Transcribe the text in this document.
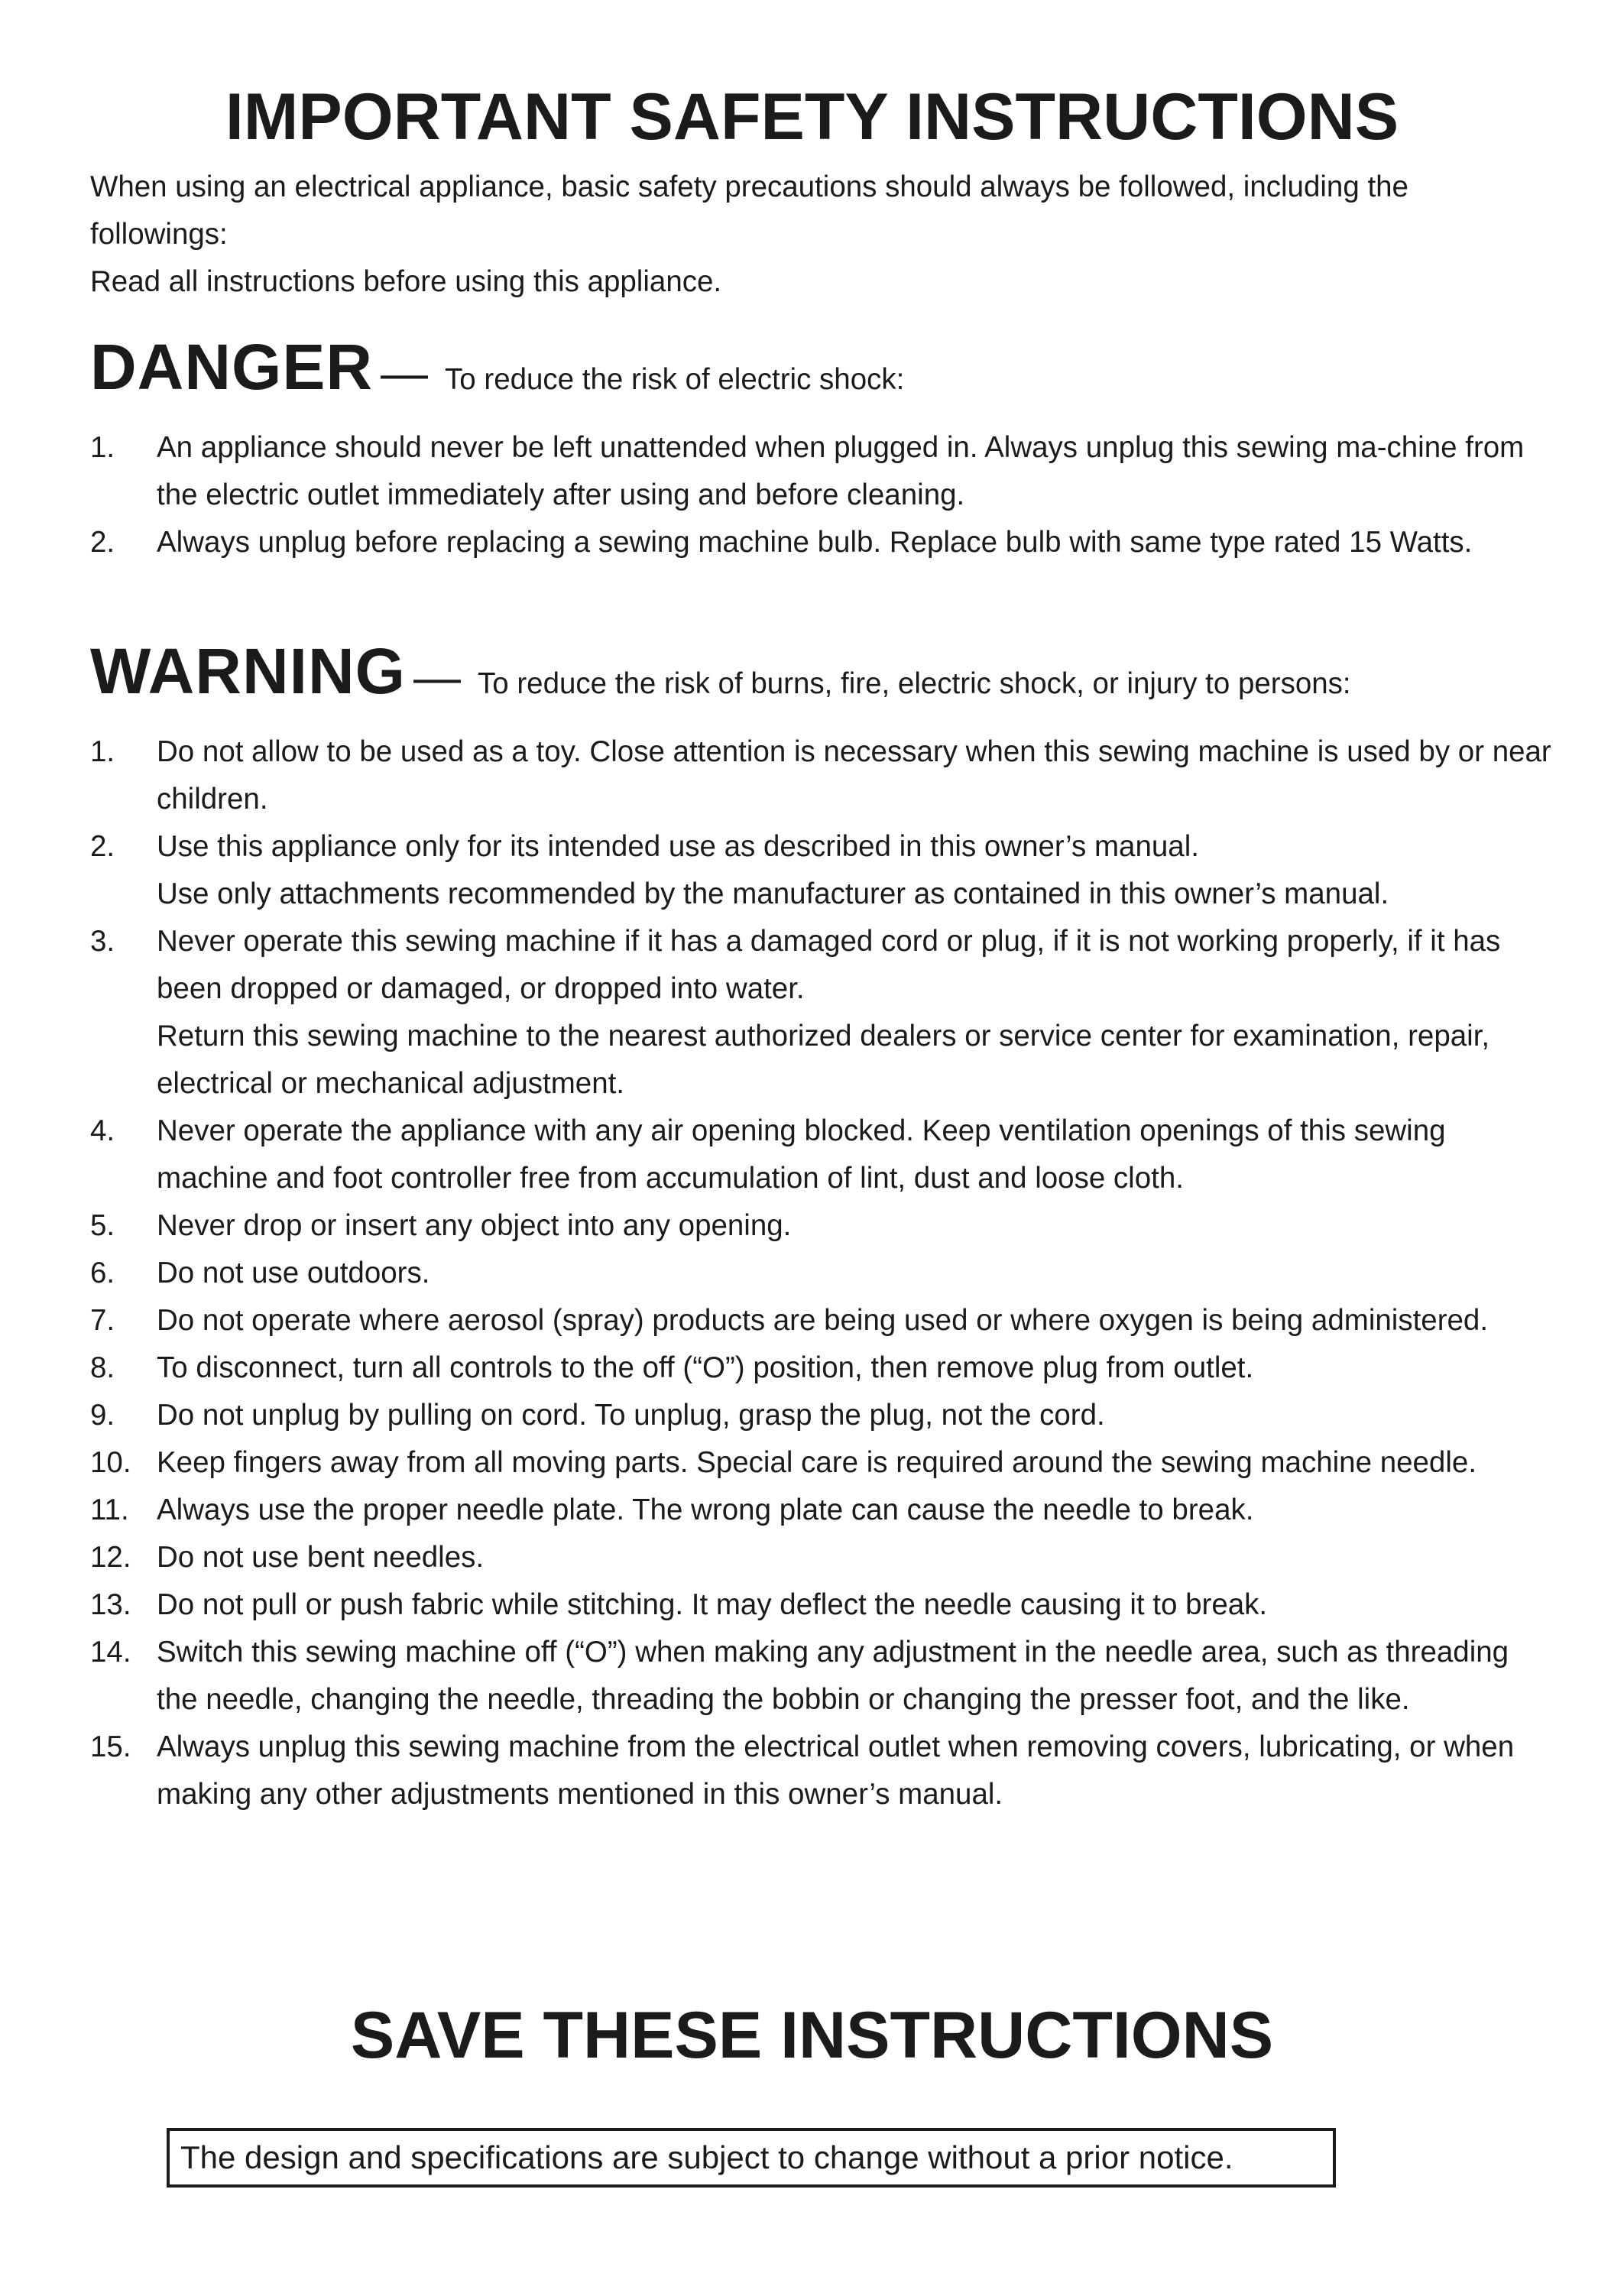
IMPORTANT SAFETY INSTRUCTIONS

When using an electrical appliance, basic safety precautions should always be followed, including the followings:

Read all instructions before using this appliance.

DANGER — To reduce the risk of electric shock:
1. An appliance should never be left unattended when plugged in. Always unplug this sewing ma-chine from the electric outlet immediately after using and before cleaning.
2. Always unplug before replacing a sewing machine bulb. Replace bulb with same type rated 15 Watts.
WARNING — To reduce the risk of burns, fire, electric shock, or injury to persons:
1. Do not allow to be used as a toy. Close attention is necessary when this sewing machine is used by or near children.
2. Use this appliance only for its intended use as described in this owner’s manual.
Use only attachments recommended by the manufacturer as contained in this owner’s manual.
3. Never operate this sewing machine if it has a damaged cord or plug, if it is not working properly, if it has been dropped or damaged, or dropped into water.
Return this sewing machine to the nearest authorized dealers or service center for examination, repair, electrical or mechanical adjustment.
4. Never operate the appliance with any air opening blocked. Keep ventilation openings of this sewing machine and foot controller free from accumulation of lint, dust and loose cloth.
5. Never drop or insert any object into any opening.
6. Do not use outdoors.
7. Do not operate where aerosol (spray) products are being used or where oxygen is being administered.
8. To disconnect, turn all controls to the off (“O”) position, then remove plug from outlet.
9. Do not unplug by pulling on cord. To unplug, grasp the plug, not the cord.
10. Keep fingers away from all moving parts. Special care is required around the sewing machine needle.
11. Always use the proper needle plate. The wrong plate can cause the needle to break.
12. Do not use bent needles.
13. Do not pull or push fabric while stitching. It may deflect the needle causing it to break.
14. Switch this sewing machine off (“O”) when making any adjustment in the needle area, such as threading the needle, changing the needle, threading the bobbin or changing the presser foot, and the like.
15. Always unplug this sewing machine from the electrical outlet when removing covers, lubricating, or when making any other adjustments mentioned in this owner’s manual.
SAVE THESE INSTRUCTIONS
The design and specifications are subject to change without a prior notice.
